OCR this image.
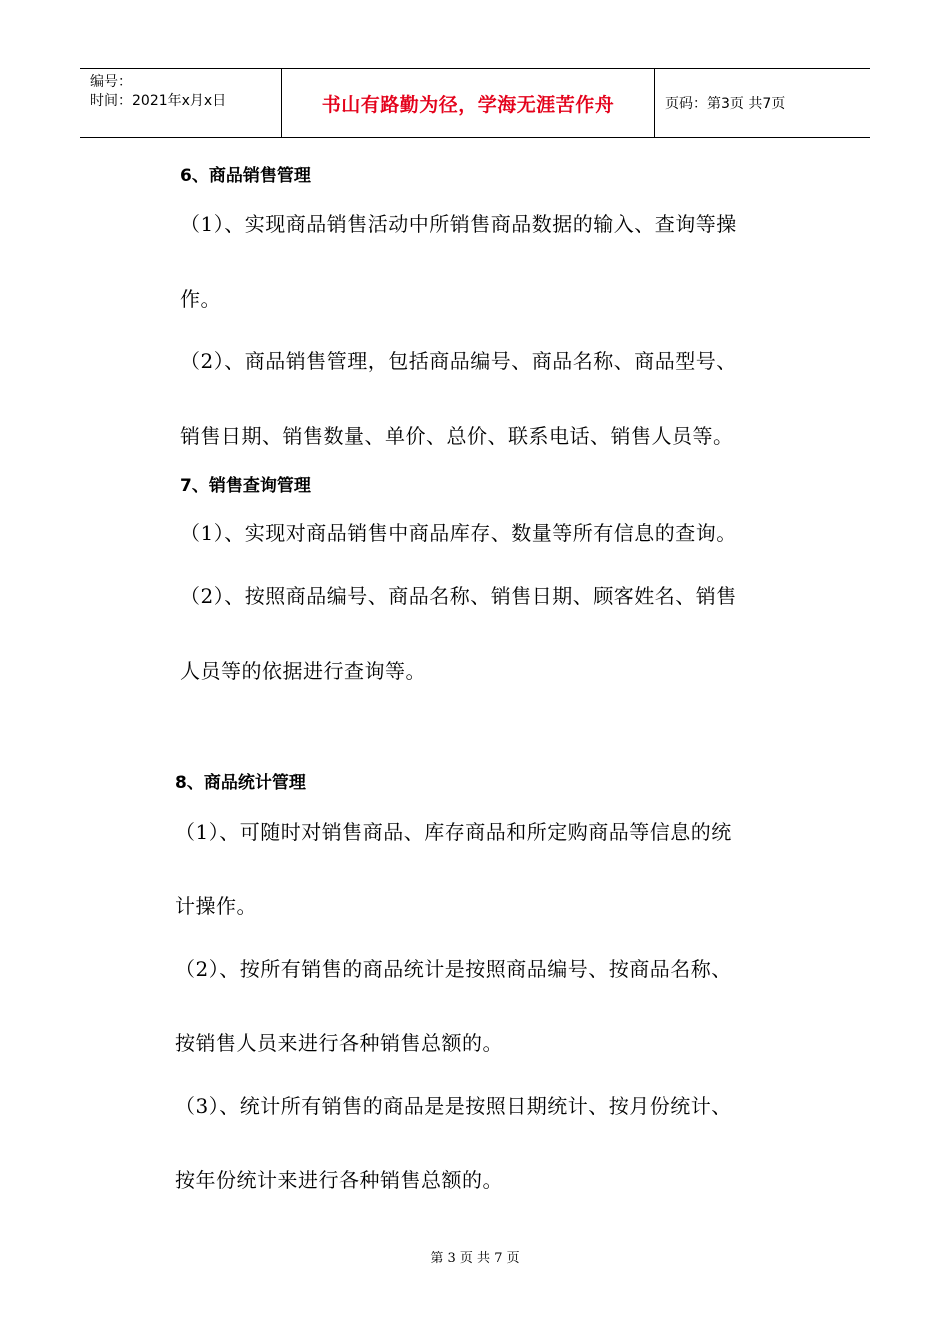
编号：
时间：2021年x月x日	书山有路勤为径，学海无涯苦作舟	页码：第3页 共7页
6、商品销售管理
（1）、实现商品销售活动中所销售商品数据的输入、查询等操
作。
（2）、商品销售管理，包括商品编号、商品名称、商品型号、
销售日期、销售数量、单价、总价、联系电话、销售人员等。
7、销售查询管理
（1）、实现对商品销售中商品库存、数量等所有信息的查询。
（2）、按照商品编号、商品名称、销售日期、顾客姓名、销售
人员等的依据进行查询等。
8、商品统计管理
（1）、可随时对销售商品、库存商品和所定购商品等信息的统
计操作。
（2）、按所有销售的商品统计是按照商品编号、按商品名称、
按销售人员来进行各种销售总额的。
（3）、统计所有销售的商品是是按照日期统计、按月份统计、
按年份统计来进行各种销售总额的。
第 3 页 共 7 页
